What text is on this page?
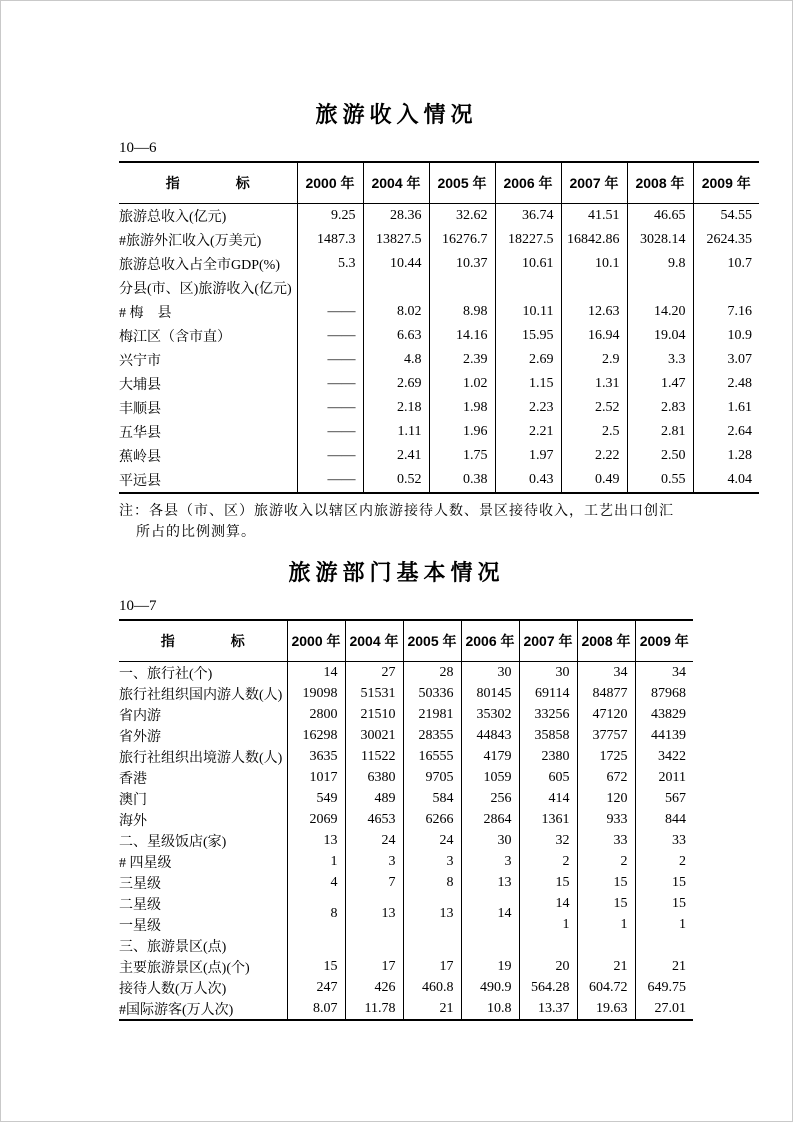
旅游收入情况
10—6
指　　　　标	2000 年	2004 年	2005 年	2006 年	2007 年	2008 年	2009 年
旅游总收入(亿元)	9.25	28.36	32.62	36.74	41.51	46.65	54.55
#旅游外汇收入(万美元)	1487.3	13827.5	16276.7	18227.5	16842.86	3028.14	2624.35
旅游总收入占全市GDP(%)	5.3	10.44	10.37	10.61	10.1	9.8	10.7
分县(市、区)旅游收入(亿元)							
# 梅　县	——	8.02	8.98	10.11	12.63	14.20	7.16
梅江区（含市直）	——	6.63	14.16	15.95	16.94	19.04	10.9
兴宁市	——	4.8	2.39	2.69	2.9	3.3	3.07
大埔县	——	2.69	1.02	1.15	1.31	1.47	2.48
丰顺县	——	2.18	1.98	2.23	2.52	2.83	1.61
五华县	——	1.11	1.96	2.21	2.5	2.81	2.64
蕉岭县	——	2.41	1.75	1.97	2.22	2.50	1.28
平远县	——	0.52	0.38	0.43	0.49	0.55	4.04
注：各县（市、区）旅游收入以辖区内旅游接待人数、景区接待收入，工艺出口创汇
所占的比例测算。
旅游部门基本情况
10—7
指　　　　标	2000 年	2004 年	2005 年	2006 年	2007 年	2008 年	2009 年
一、旅行社(个)	14	27	28	30	30	34	34
旅行社组织国内游人数(人)	19098	51531	50336	80145	69114	84877	87968
省内游	2800	21510	21981	35302	33256	47120	43829
省外游	16298	30021	28355	44843	35858	37757	44139
旅行社组织出境游人数(人)	3635	11522	16555	4179	2380	1725	3422
香港	1017	6380	9705	1059	605	672	2011
澳门	549	489	584	256	414	120	567
海外	2069	4653	6266	2864	1361	933	844
二、星级饭店(家)	13	24	24	30	32	33	33
# 四星级	1	3	3	3	2	2	2
三星级	4	7	8	13	15	15	15
二星级	8	13	13	14	14	15	15
一星级					1	1	1
三、旅游景区(点)							
主要旅游景区(点)(个)	15	17	17	19	20	21	21
接待人数(万人次)	247	426	460.8	490.9	564.28	604.72	649.75
#国际游客(万人次)	8.07	11.78	21	10.8	13.37	19.63	27.01
